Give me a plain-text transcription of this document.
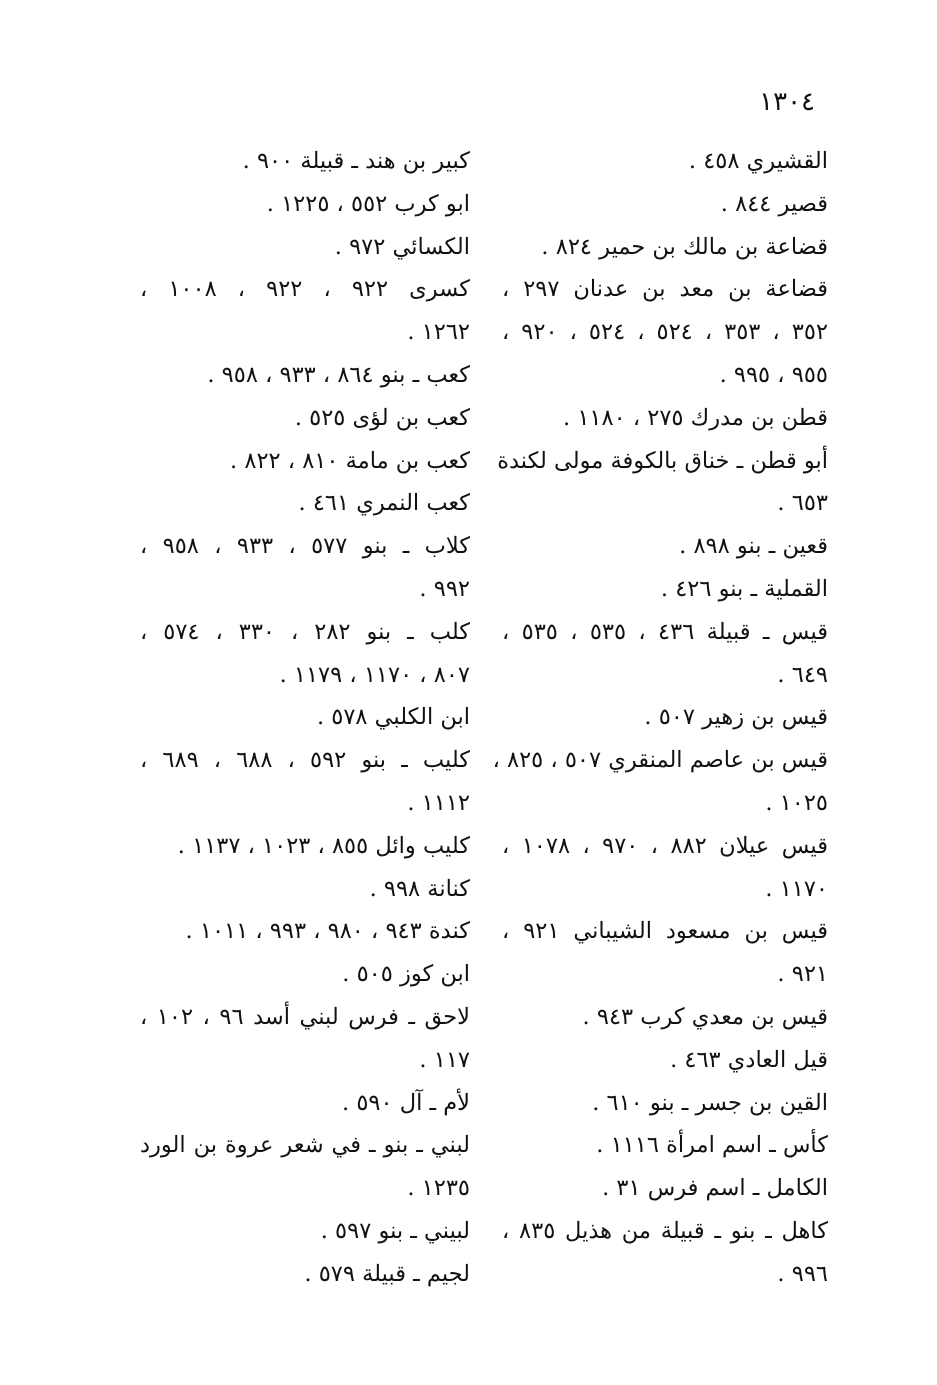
١٣٠٤
القشيري ٤٥٨ .
قصير ٨٤٤ .
قضاعة بن مالك بن حمير ٨٢٤ .
قضاعة بن معد بن عدنان ٢٩٧ ،
٣٥٢ ، ٣٥٣ ، ٥٢٤ ، ٥٢٤ ، ٩٢٠ ،
٩٥٥ ، ٩٩٥ .
قطن بن مدرك ٢٧٥ ، ١١٨٠ .
أبو قطن ـ خناق بالكوفة مولى لكندة
٦٥٣ .
قعين ـ بنو ٨٩٨ .
القملية ـ بنو ٤٢٦ .
قيس ـ قبيلة ٤٣٦ ، ٥٣٥ ، ٥٣٥ ،
٦٤٩ .
قيس بن زهير ٥٠٧ .
قيس بن عاصم المنقري ٥٠٧ ، ٨٢٥ ،
١٠٢٥ .
قيس عيلان ٨٨٢ ، ٩٧٠ ، ١٠٧٨ ،
١١٧٠ .
قيس بن مسعود الشيباني ٩٢١ ،
٩٢١ .
قيس بن معدي كرب ٩٤٣ .
قيل العادي ٤٦٣ .
القين بن جسر ـ بنو ٦١٠ .
كأس ـ اسم امرأة ١١١٦ .
الكامل ـ اسم فرس ٣١ .
كاهل ـ بنو ـ قبيلة من هذيل ٨٣٥ ،
٩٩٦ .
كبير بن هند ـ قبيلة ٩٠٠ .
ابو كرب ٥٥٢ ، ١٢٢٥ .
الكسائي ٩٧٢ .
كسرى ٩٢٢ ، ٩٢٢ ، ١٠٠٨ ،
١٢٦٢ .
كعب ـ بنو ٨٦٤ ، ٩٣٣ ، ٩٥٨ .
كعب بن لؤى ٥٢٥ .
كعب بن مامة ٨١٠ ، ٨٢٢ .
كعب النمري ٤٦١ .
كلاب ـ بنو ٥٧٧ ، ٩٣٣ ، ٩٥٨ ،
٩٩٢ .
كلب ـ بنو ٢٨٢ ، ٣٣٠ ، ٥٧٤ ،
٨٠٧ ، ١١٧٠ ، ١١٧٩ .
ابن الكلبي ٥٧٨ .
كليب ـ بنو ٥٩٢ ، ٦٨٨ ، ٦٨٩ ،
١١١٢ .
كليب وائل ٨٥٥ ، ١٠٢٣ ، ١١٣٧ .
كنانة ٩٩٨ .
كندة ٩٤٣ ، ٩٨٠ ، ٩٩٣ ، ١٠١١ .
ابن كوز ٥٠٥ .
لاحق ـ فرس لبني أسد ٩٦ ، ١٠٢ ،
١١٧ .
لأم ـ آل ٥٩٠ .
لبني ـ بنو ـ في شعر عروة بن الورد
١٢٣٥ .
لبيني ـ بنو ٥٩٧ .
لجيم ـ قبيلة ٥٧٩ .
